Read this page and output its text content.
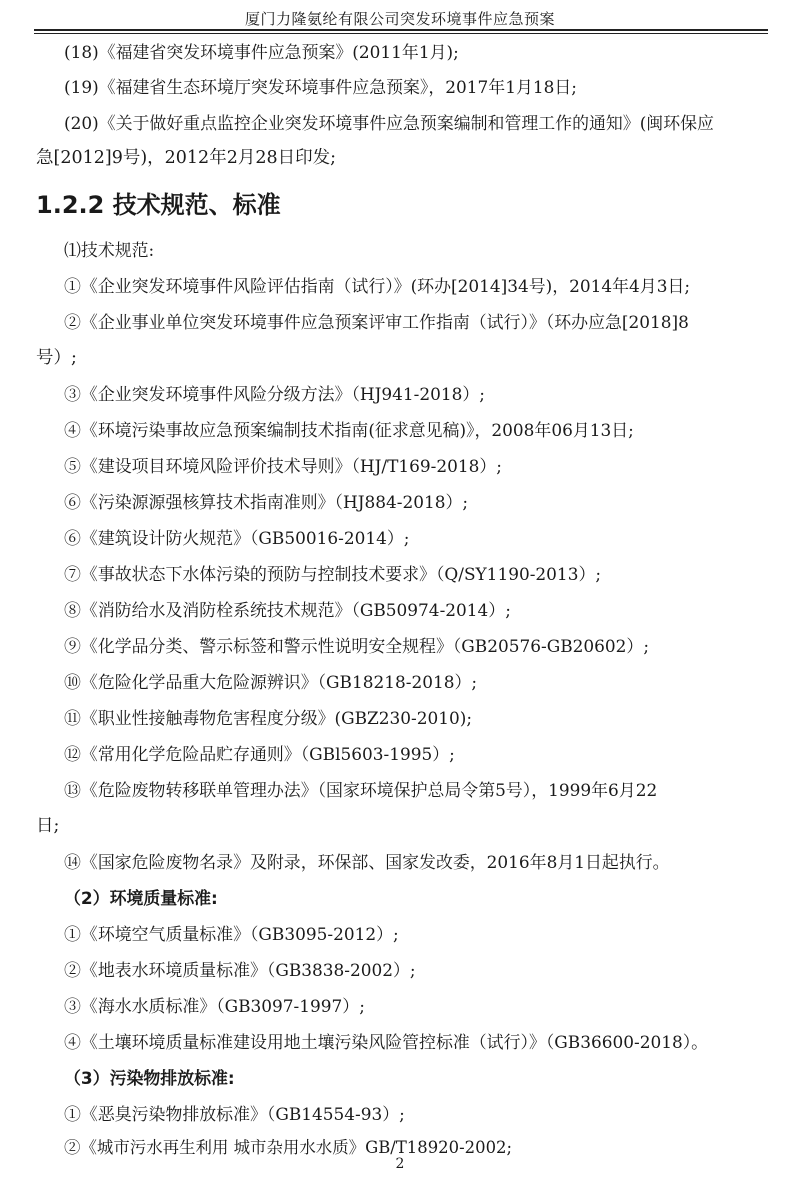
厦门力隆氨纶有限公司突发环境事件应急预案
(18)《福建省突发环境事件应急预案》(2011年1月);
(19)《福建省生态环境厅突发环境事件应急预案》，2017年1月18日;
(20)《关于做好重点监控企业突发环境事件应急预案编制和管理工作的通知》(闽环保应
急[2012]9号)，2012年2月28日印发;
1.2.2 技术规范、标准
⑴技术规范:
①《企业突发环境事件风险评估指南（试行）》(环办[2014]34号)，2014年4月3日;
②《企业事业单位突发环境事件应急预案评审工作指南（试行）》（环办应急[2018]8
号）;
③《企业突发环境事件风险分级方法》（HJ941-2018）;
④《环境污染事故应急预案编制技术指南(征求意见稿)》，2008年06月13日;
⑤《建设项目环境风险评价技术导则》（HJ/T169-2018）;
⑥《污染源源强核算技术指南准则》（HJ884-2018）;
⑥《建筑设计防火规范》（GB50016-2014）;
⑦《事故状态下水体污染的预防与控制技术要求》（Q/SY1190-2013）;
⑧《消防给水及消防栓系统技术规范》（GB50974-2014）;
⑨《化学品分类、警示标签和警示性说明安全规程》（GB20576-GB20602）;
⑩《危险化学品重大危险源辨识》（GB18218-2018）;
⑪《职业性接触毒物危害程度分级》(GBZ230-2010);
⑫《常用化学危险品贮存通则》（GBl5603-1995）;
⑬《危险废物转移联单管理办法》（国家环境保护总局令第5号），1999年6月22
日;
⑭《国家危险废物名录》及附录，环保部、国家发改委，2016年8月1日起执行。
（2）环境质量标准:
①《环境空气质量标准》（GB3095-2012）;
②《地表水环境质量标准》（GB3838-2002）;
③《海水水质标准》（GB3097-1997）;
④《土壤环境质量标准建设用地土壤污染风险管控标准（试行）》（GB36600-2018）。
（3）污染物排放标准:
①《恶臭污染物排放标准》（GB14554-93）;
②《城市污水再生利用 城市杂用水水质》GB/T18920-2002;
2
